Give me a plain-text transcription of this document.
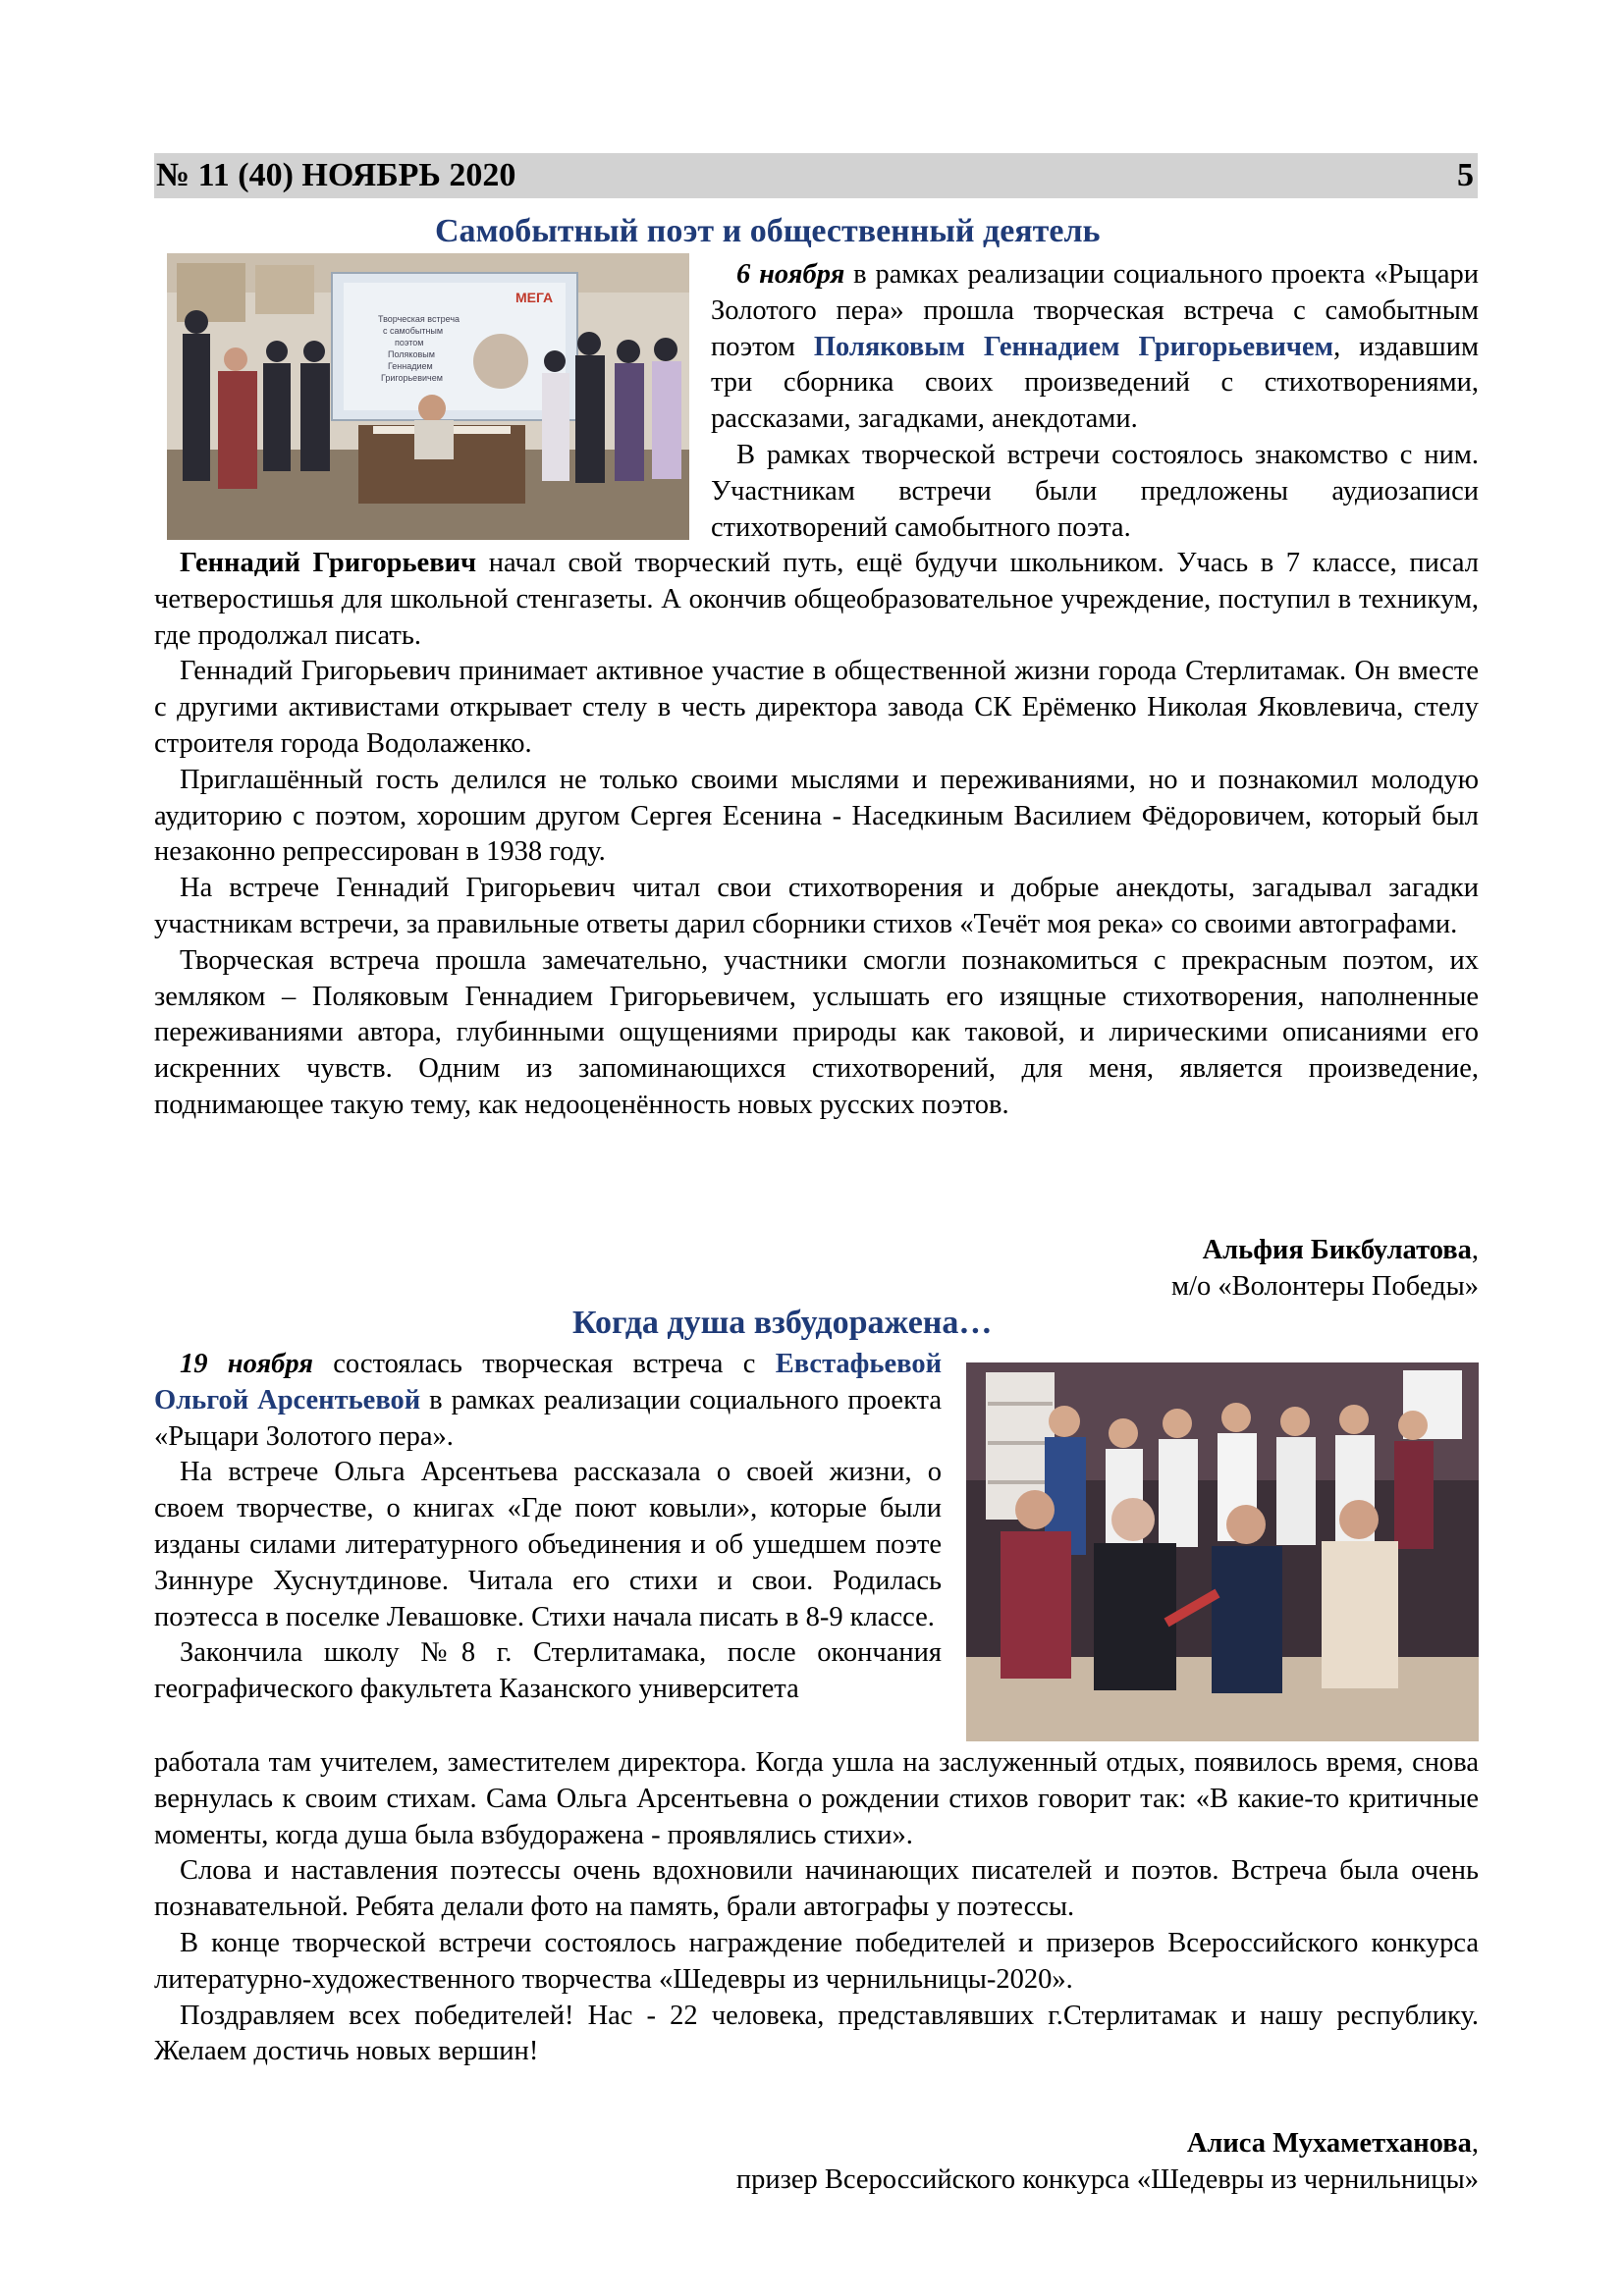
№ 11 (40) НОЯБРЬ 2020	5
Самобытный поэт и общественный деятель
Творческая встреча
с самобытным
поэтом
Поляковым
Геннадием
Григорьевичем
МЕГА

6 ноября в рамках реализации социального проекта «Рыцари Золотого пера» прошла творческая встреча с самобытным поэтом Поляковым Геннадием Григорьевичем, издавшим три сборника своих произведений с стихотворениями, рассказами, загадками, анекдотами.

В рамках творческой встречи состоялось знакомство с ним. Участникам встречи были предложены аудиозаписи стихотворений самобытного поэта.

Геннадий Григорьевич начал свой творческий путь, ещё будучи школьником. Учась в 7 классе, писал четверостишья для школьной стенгазеты. А окончив общеобразовательное учреждение, поступил в техникум, где продолжал писать.

Геннадий Григорьевич принимает активное участие в общественной жизни города Стерлитамак. Он вместе с другими активистами открывает стелу в честь директора завода СК Ерёменко Николая Яковлевича, стелу строителя города Водолаженко.

Приглашённый гость делился не только своими мыслями и переживаниями, но и познакомил молодую аудиторию с поэтом, хорошим другом Сергея Есенина - Наседкиным Василием Фёдоровичем, который был незаконно репрессирован в 1938 году.

На встрече Геннадий Григорьевич читал свои стихотворения и добрые анекдоты, загадывал загадки участникам встречи, за правильные ответы дарил сборники стихов «Течёт моя река» со своими автографами.

Творческая встреча прошла замечательно, участники смогли познакомиться с прекрасным поэтом, их земляком – Поляковым Геннадием Григорьевичем, услышать его изящные стихотворения, наполненные переживаниями автора, глубинными ощущениями природы как таковой, и лирическими описаниями его искренних чувств. Одним из запоминающихся стихотворений, для меня, является произведение, поднимающее такую тему, как недооценённость новых русских поэтов.

Альфия Бикбулатова,
м/о «Волонтеры Победы»
Когда душа взбудоражена…

19 ноября состоялась творческая встреча с Евстафьевой Ольгой Арсентьевой в рамках реализации социального проекта «Рыцари Золотого пера».

На встрече Ольга Арсентьева рассказала о своей жизни, о своем творчестве, о книгах «Где поют ковыли», которые были изданы силами литературного объединения и об ушедшем поэте Зиннуре Хуснутдинове. Читала его стихи и свои. Родилась поэтесса в поселке Левашовке. Стихи начала писать в 8-9 классе.

Закончила школу №8 г. Стерлитамака, после окончания географического факультета Казанского университета

работала там учителем, заместителем директора. Когда ушла на заслуженный отдых, появилось время, снова вернулась к своим стихам. Сама Ольга Арсентьевна о рождении стихов говорит так: «В какие-то критичные моменты, когда душа была взбудоражена - проявлялись стихи».

Слова и наставления поэтессы очень вдохновили начинающих писателей и поэтов. Встреча была очень познавательной. Ребята делали фото на память, брали автографы у поэтессы.

В конце творческой встречи состоялось награждение победителей и призеров Всероссийского конкурса литературно-художественного творчества «Шедевры из чернильницы-2020».

Поздравляем всех победителей! Нас - 22 человека, представлявших г.Стерлитамак и нашу республику. Желаем достичь новых вершин!

Алиса Мухаметханова,
призер Всероссийского конкурса «Шедевры из чернильницы»
